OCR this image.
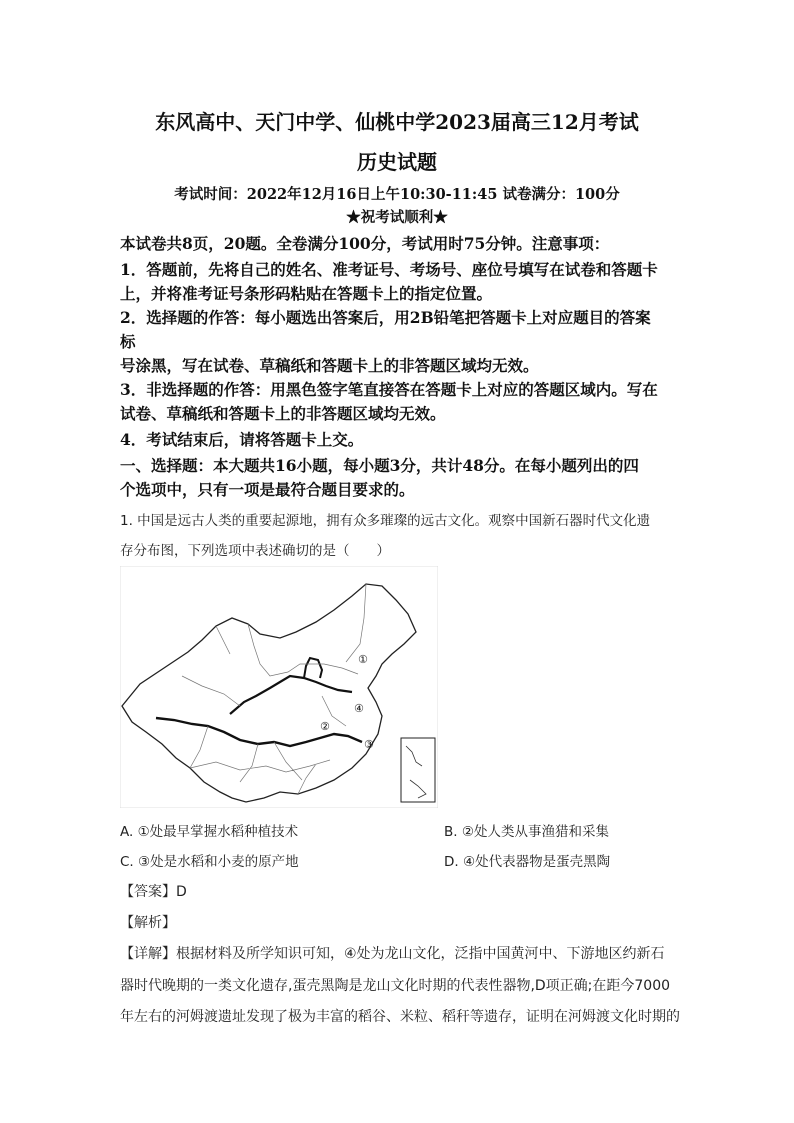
东风高中、天门中学、仙桃中学2023届高三12月考试
历史试题
考试时间：2022年12月16日上午10:30-11:45 试卷满分：100分
★祝考试顺利★
本试卷共8页，20题。全卷满分100分，考试用时75分钟。注意事项：
1．答题前，先将自己的姓名、准考证号、考场号、座位号填写在试卷和答题卡
上，并将准考证号条形码粘贴在答题卡上的指定位置。
2．选择题的作答：每小题选出答案后，用2B铅笔把答题卡上对应题目的答案
标
号涂黑，写在试卷、草稿纸和答题卡上的非答题区域均无效。
3．非选择题的作答：用黑色签字笔直接答在答题卡上对应的答题区域内。写在
试卷、草稿纸和答题卡上的非答题区域均无效。
4．考试结束后，请将答题卡上交。
一、选择题：本大题共16小题，每小题3分，共计48分。在每小题列出的四
个选项中，只有一项是最符合题目要求的。
1. 中国是远古人类的重要起源地，拥有众多璀璨的远古文化。观察中国新石器时代文化遗
存分布图，下列选项中表述确切的是（　　）
①
②
③
④
A. ①处最早掌握水稻种植技术	B. ②处人类从事渔猎和采集
C. ③处是水稻和小麦的原产地	D. ④处代表器物是蛋壳黑陶
【答案】D
【解析】
【详解】根据材料及所学知识可知，④处为龙山文化，泛指中国黄河中、下游地区约新石
器时代晚期的一类文化遗存,蛋壳黑陶是龙山文化时期的代表性器物,D项正确;在距今7000
年左右的河姆渡遗址发现了极为丰富的稻谷、米粒、稻秆等遗存，证明在河姆渡文化时期的
